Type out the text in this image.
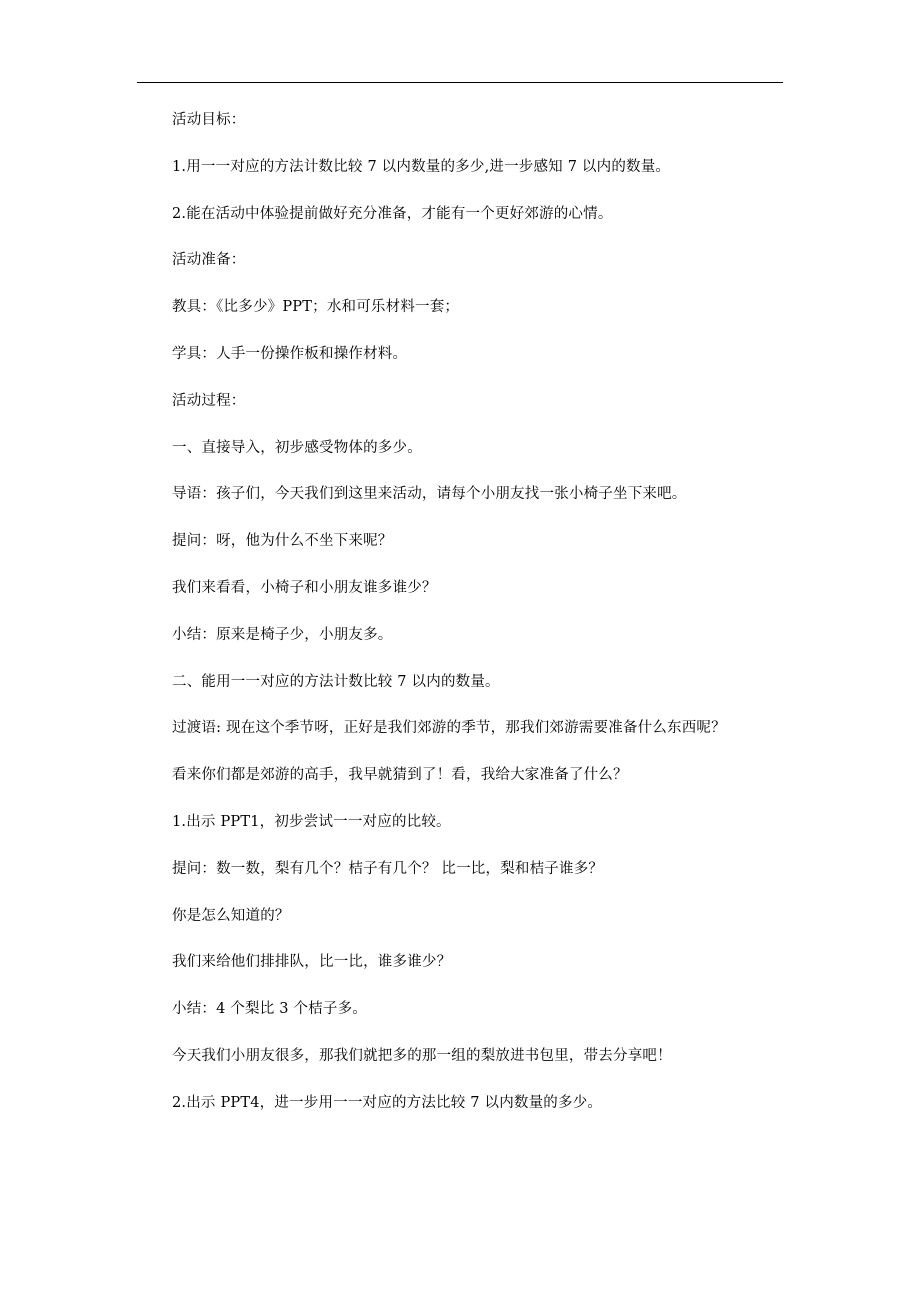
活动目标：
1.用一一对应的方法计数比较 7 以内数量的多少,进一步感知 7 以内的数量。
2.能在活动中体验提前做好充分准备，才能有一个更好郊游的心情。
活动准备：
教具：《比多少》PPT；水和可乐材料一套；
学具：人手一份操作板和操作材料。
活动过程：
一、直接导入，初步感受物体的多少。
导语：孩子们，今天我们到这里来活动，请每个小朋友找一张小椅子坐下来吧。
提问：呀，他为什么不坐下来呢？
我们来看看，小椅子和小朋友谁多谁少？
小结：原来是椅子少，小朋友多。
二、能用一一对应的方法计数比较 7 以内的数量。
过渡语: 现在这个季节呀，正好是我们郊游的季节，那我们郊游需要准备什么东西呢？
看来你们都是郊游的高手，我早就猜到了！看，我给大家准备了什么？
1.出示 PPT1，初步尝试一一对应的比较。
提问：数一数，梨有几个？桔子有几个？ 比一比，梨和桔子谁多？
你是怎么知道的？
我们来给他们排排队，比一比，谁多谁少？
小结：4 个梨比 3 个桔子多。
今天我们小朋友很多，那我们就把多的那一组的梨放进书包里，带去分享吧！
2.出示 PPT4，进一步用一一对应的方法比较 7 以内数量的多少。
